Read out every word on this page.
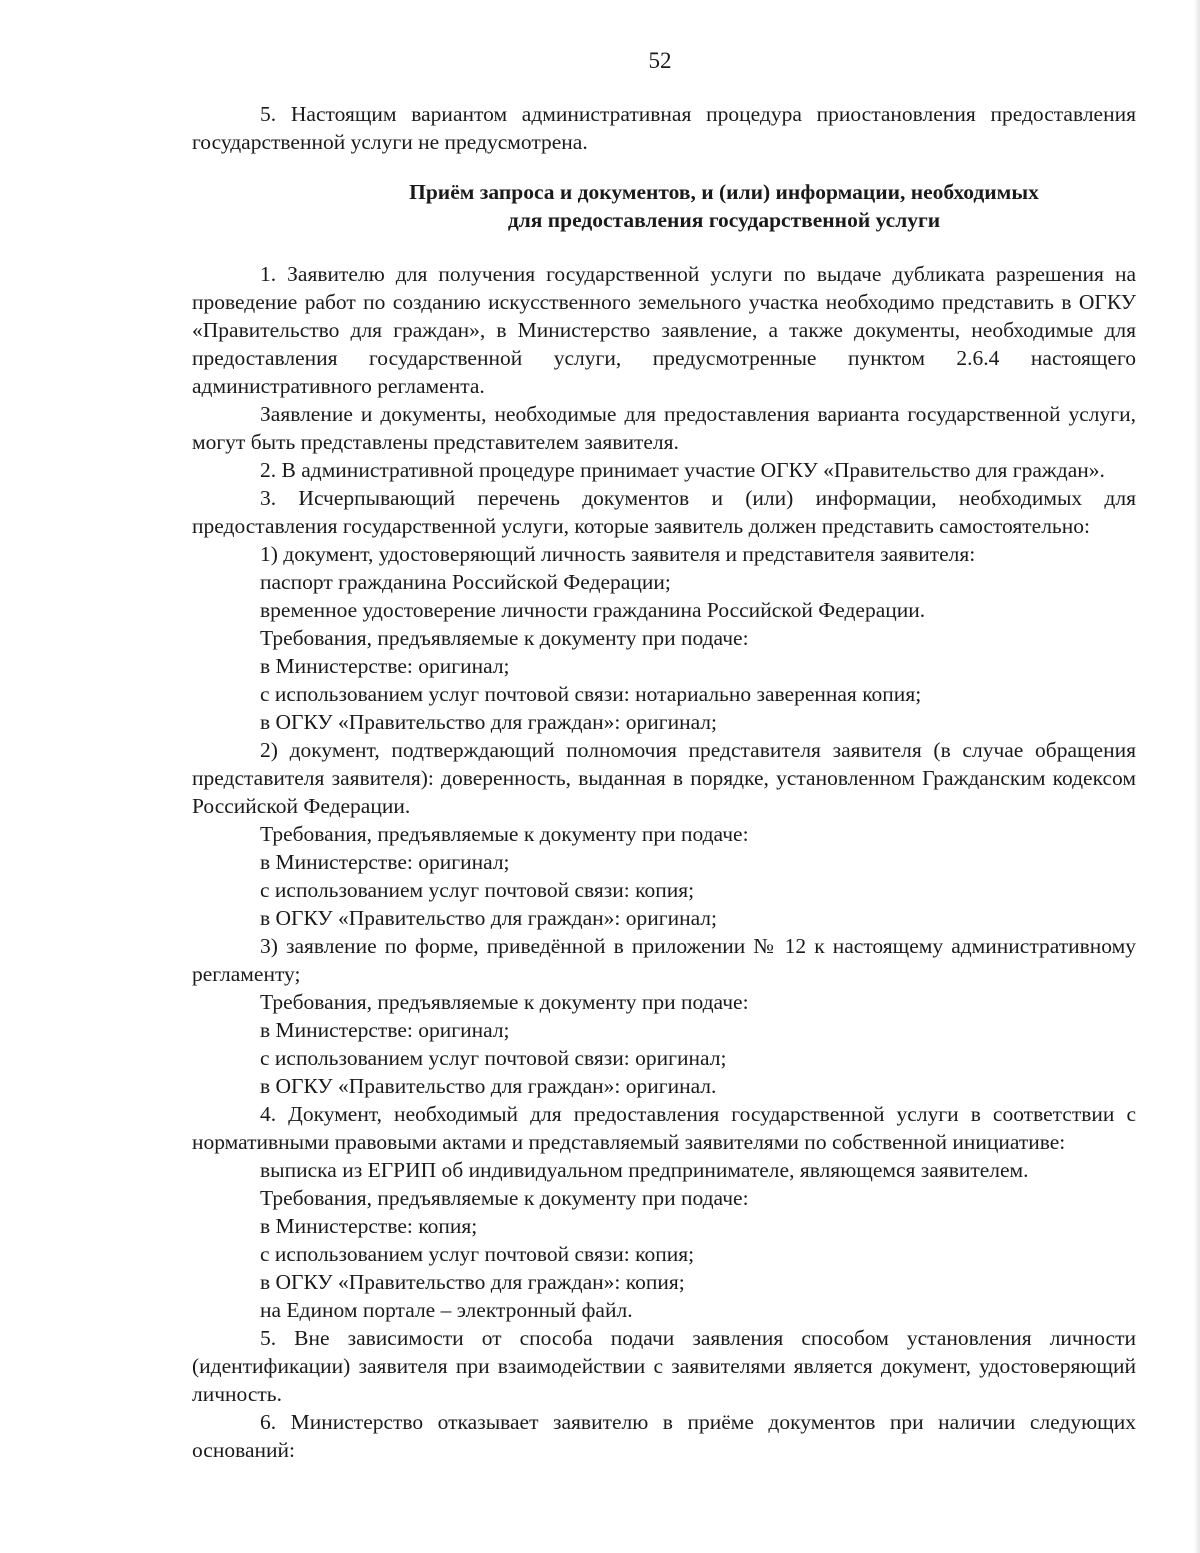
52

5. Настоящим вариантом административная процедура приостановления предоставления государственной услуги не предусмотрена.

Приём запроса и документов, и (или) информации, необходимых
для предоставления государственной услуги

1. Заявителю для получения государственной услуги по выдаче дубликата разрешения на проведение работ по созданию искусственного земельного участка необходимо представить в ОГКУ «Правительство для граждан», в Министерство заявление, а также документы, необходимые для предоставления государственной услуги, предусмотренные пунктом 2.6.4 настоящего административного регламента.

Заявление и документы, необходимые для предоставления варианта государственной услуги, могут быть представлены представителем заявителя.

2. В административной процедуре принимает участие ОГКУ «Правительство для граждан».

3. Исчерпывающий перечень документов и (или) информации, необходимых для предоставления государственной услуги, которые заявитель должен представить самостоятельно:

1) документ, удостоверяющий личность заявителя и представителя заявителя:

паспорт гражданина Российской Федерации;

временное удостоверение личности гражданина Российской Федерации.

Требования, предъявляемые к документу при подаче:

в Министерстве: оригинал;

с использованием услуг почтовой связи: нотариально заверенная копия;

в ОГКУ «Правительство для граждан»: оригинал;

2) документ, подтверждающий полномочия представителя заявителя (в случае обращения представителя заявителя): доверенность, выданная в порядке, установленном Гражданским кодексом Российской Федерации.

Требования, предъявляемые к документу при подаче:

в Министерстве: оригинал;

с использованием услуг почтовой связи: копия;

в ОГКУ «Правительство для граждан»: оригинал;

3) заявление по форме, приведённой в приложении № 12 к настоящему административному регламенту;

Требования, предъявляемые к документу при подаче:

в Министерстве: оригинал;

с использованием услуг почтовой связи: оригинал;

в ОГКУ «Правительство для граждан»: оригинал.

4. Документ, необходимый для предоставления государственной услуги в соответствии с нормативными правовыми актами и представляемый заявителями по собственной инициативе:

выписка из ЕГРИП об индивидуальном предпринимателе, являющемся заявителем.

Требования, предъявляемые к документу при подаче:

в Министерстве: копия;

с использованием услуг почтовой связи: копия;

в ОГКУ «Правительство для граждан»: копия;

на Едином портале – электронный файл.

5. Вне зависимости от способа подачи заявления способом установления личности (идентификации) заявителя при взаимодействии с заявителями является документ, удостоверяющий личность.

6. Министерство отказывает заявителю в приёме документов при наличии следующих оснований:
